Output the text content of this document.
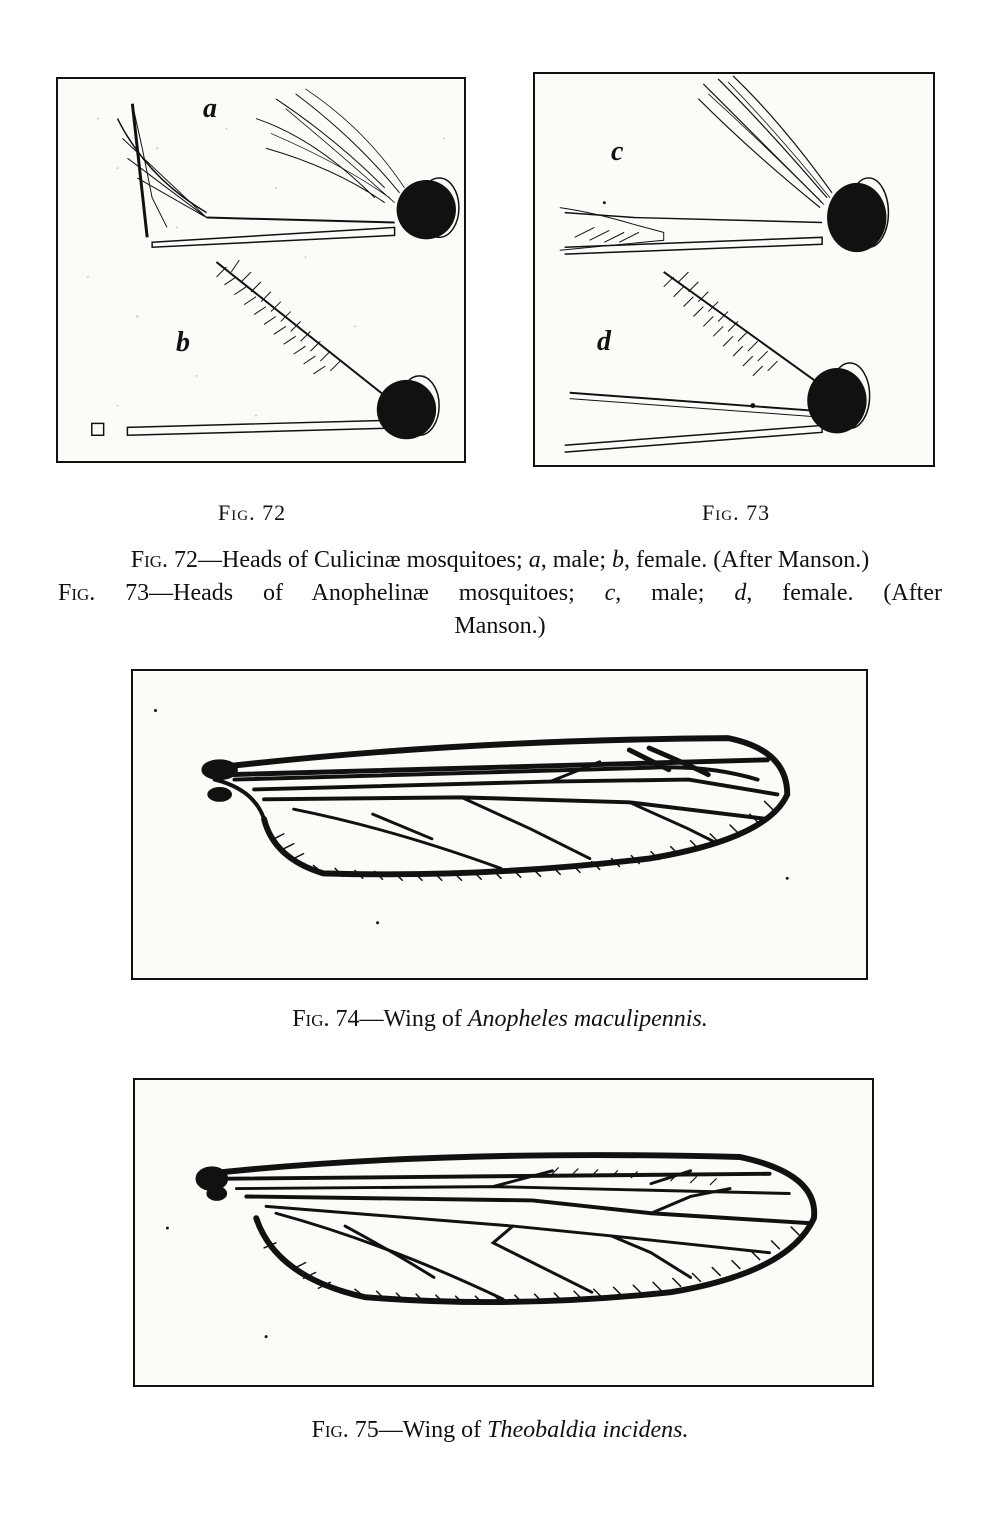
a
b
c
d
Fig. 72	Fig. 73
Fig. 72—Heads of Culicinæ mosquitoes; a, male; b, female. (After Manson.)
Fig. 73—Heads of Anophelinæ mosquitoes; c, male; d, female. (After
Manson.)
Fig. 74—Wing of Anopheles maculipennis.
Fig. 75—Wing of Theobaldia incidens.
